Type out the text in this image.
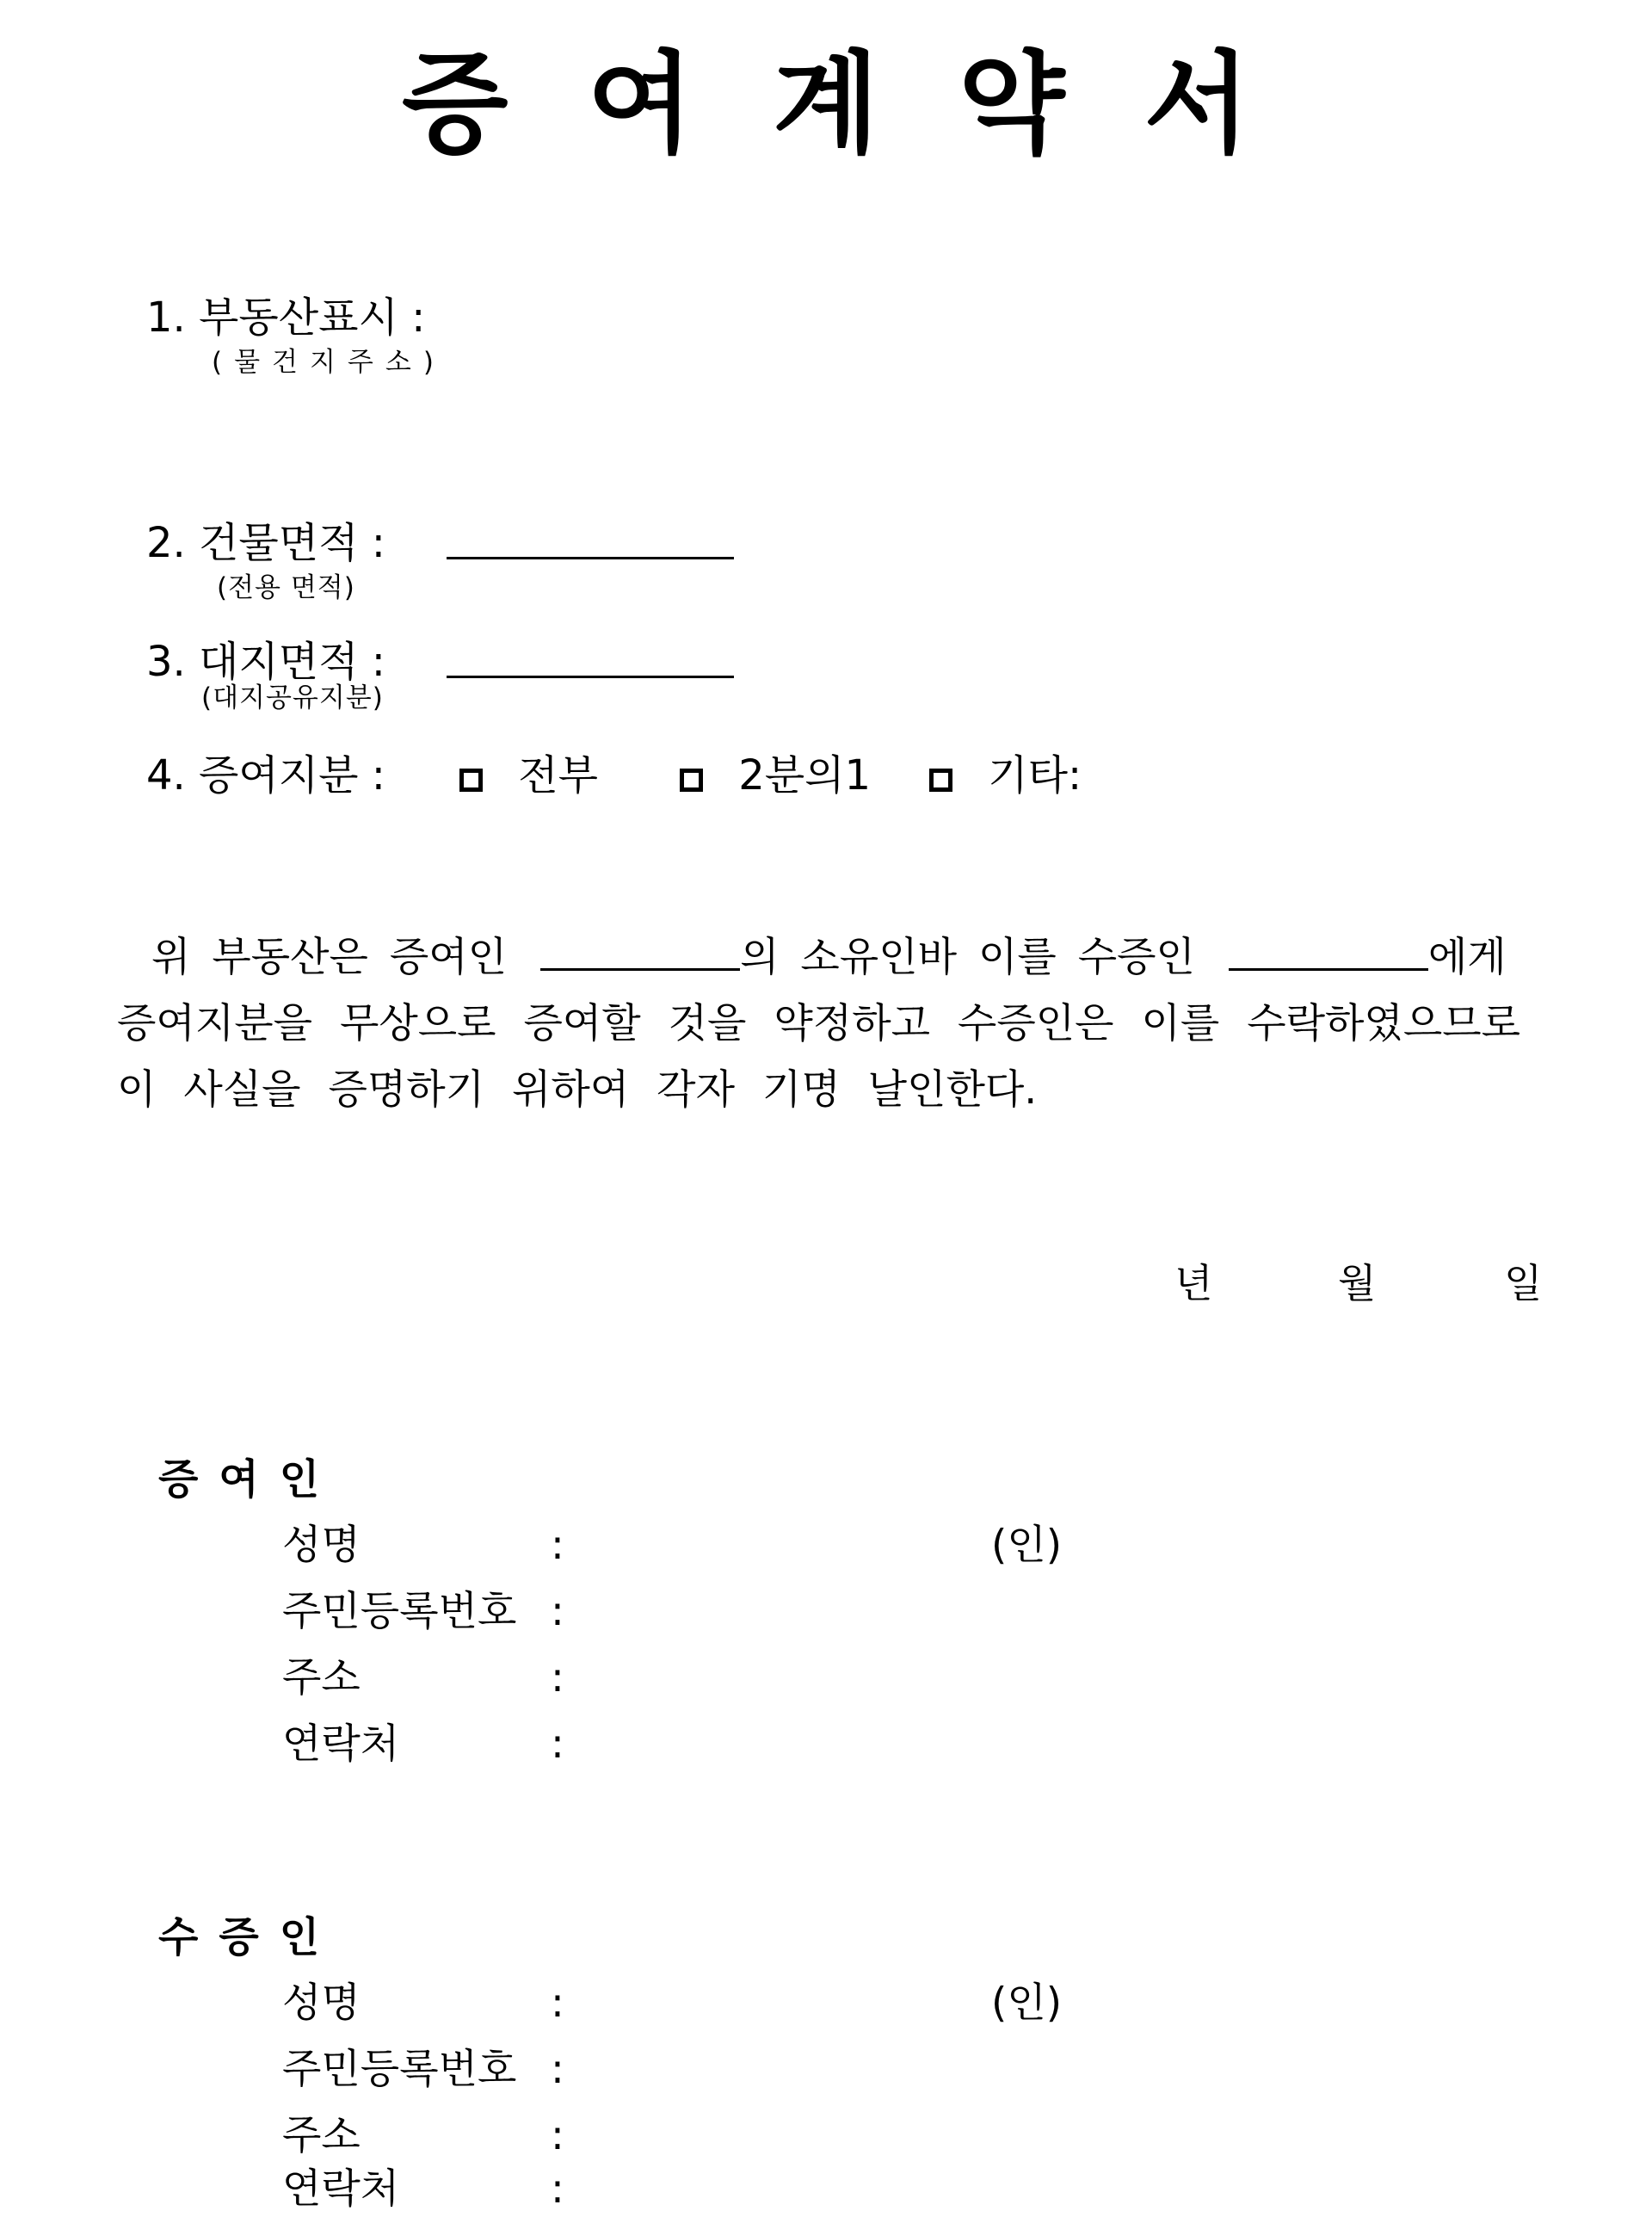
증여계약서
1. 부동산표시 :
(물건지주소)
2. 건물면적 :
(전용 면적)
3. 대지면적 :
(대지공유지분)
4. 증여지분 :	전부	2분의1	기타:
위 부동산은 증여인	의 소유인바 이를 수증인	에게
증여지분을 무상으로 증여할 것을 약정하고 수증인은 이를 수락하였으므로
이 사실을 증명하기 위하여 각자 기명 날인한다.
년	월	일
증여인
성명	:	(인)
주민등록번호 :
주소	:
연락처	:
수증인
성명	:	(인)
주민등록번호 :
주소	:
연락처	:
